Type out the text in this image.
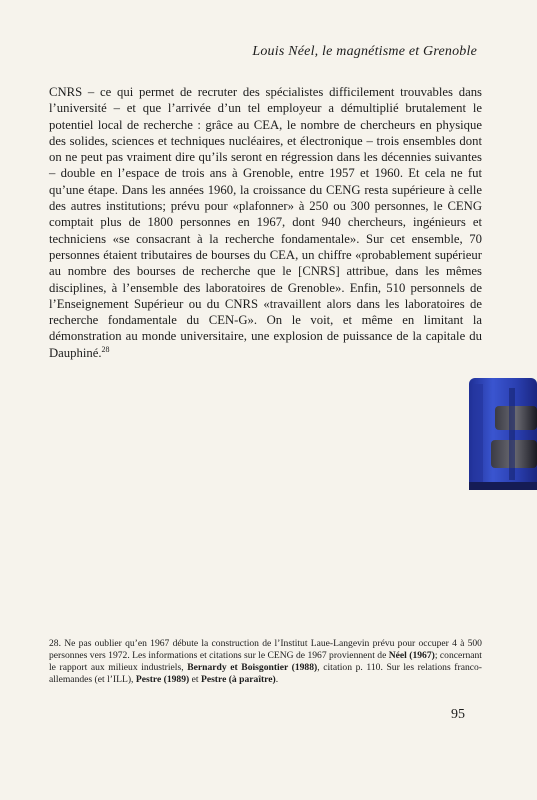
Louis Néel, le magnétisme et Grenoble

CNRS – ce qui permet de recruter des spécialistes difficilement trouvables dans l’université – et que l’arrivée d’un tel employeur a démultiplié brutalement le potentiel local de recherche : grâce au CEA, le nombre de chercheurs en physique des solides, sciences et techniques nucléaires, et électronique – trois ensembles dont on ne peut pas vraiment dire qu’ils seront en régression dans les décennies suivantes – double en l’espace de trois ans à Grenoble, entre 1957 et 1960. Et cela ne fut qu’une étape. Dans les années 1960, la croissance du CENG resta supérieure à celle des autres institutions; prévu pour «plafonner» à 250 ou 300 personnes, le CENG comptait plus de 1800 personnes en 1967, dont 940 chercheurs, ingénieurs et techniciens «se consacrant à la recherche fondamentale». Sur cet ensemble, 70 personnes étaient tributaires de bourses du CEA, un chiffre «probablement supérieur au nombre des bourses de recherche que le [CNRS] attribue, dans les mêmes disciplines, à l’ensemble des laboratoires de Grenoble». Enfin, 510 personnels de l’Enseignement Supérieur ou du CNRS «travaillent alors dans les laboratoires de recherche fondamentale du CEN-G». On le voit, et même en limitant la démonstration au monde universitaire, une explosion de puissance de la capitale du Dauphiné.$^{28}$

28. Ne pas oublier qu’en 1967 débute la construction de l’Institut Laue-Langevin prévu pour occuper 4 à 500 personnes vers 1972. Les informations et citations sur le CENG de 1967 proviennent de Néel (1967); concernant le rapport aux milieux industriels, Bernardy et Boisgontier (1988), citation p. 110. Sur les relations franco-allemandes (et l’ILL), Pestre (1989) et Pestre (à paraître).
95
